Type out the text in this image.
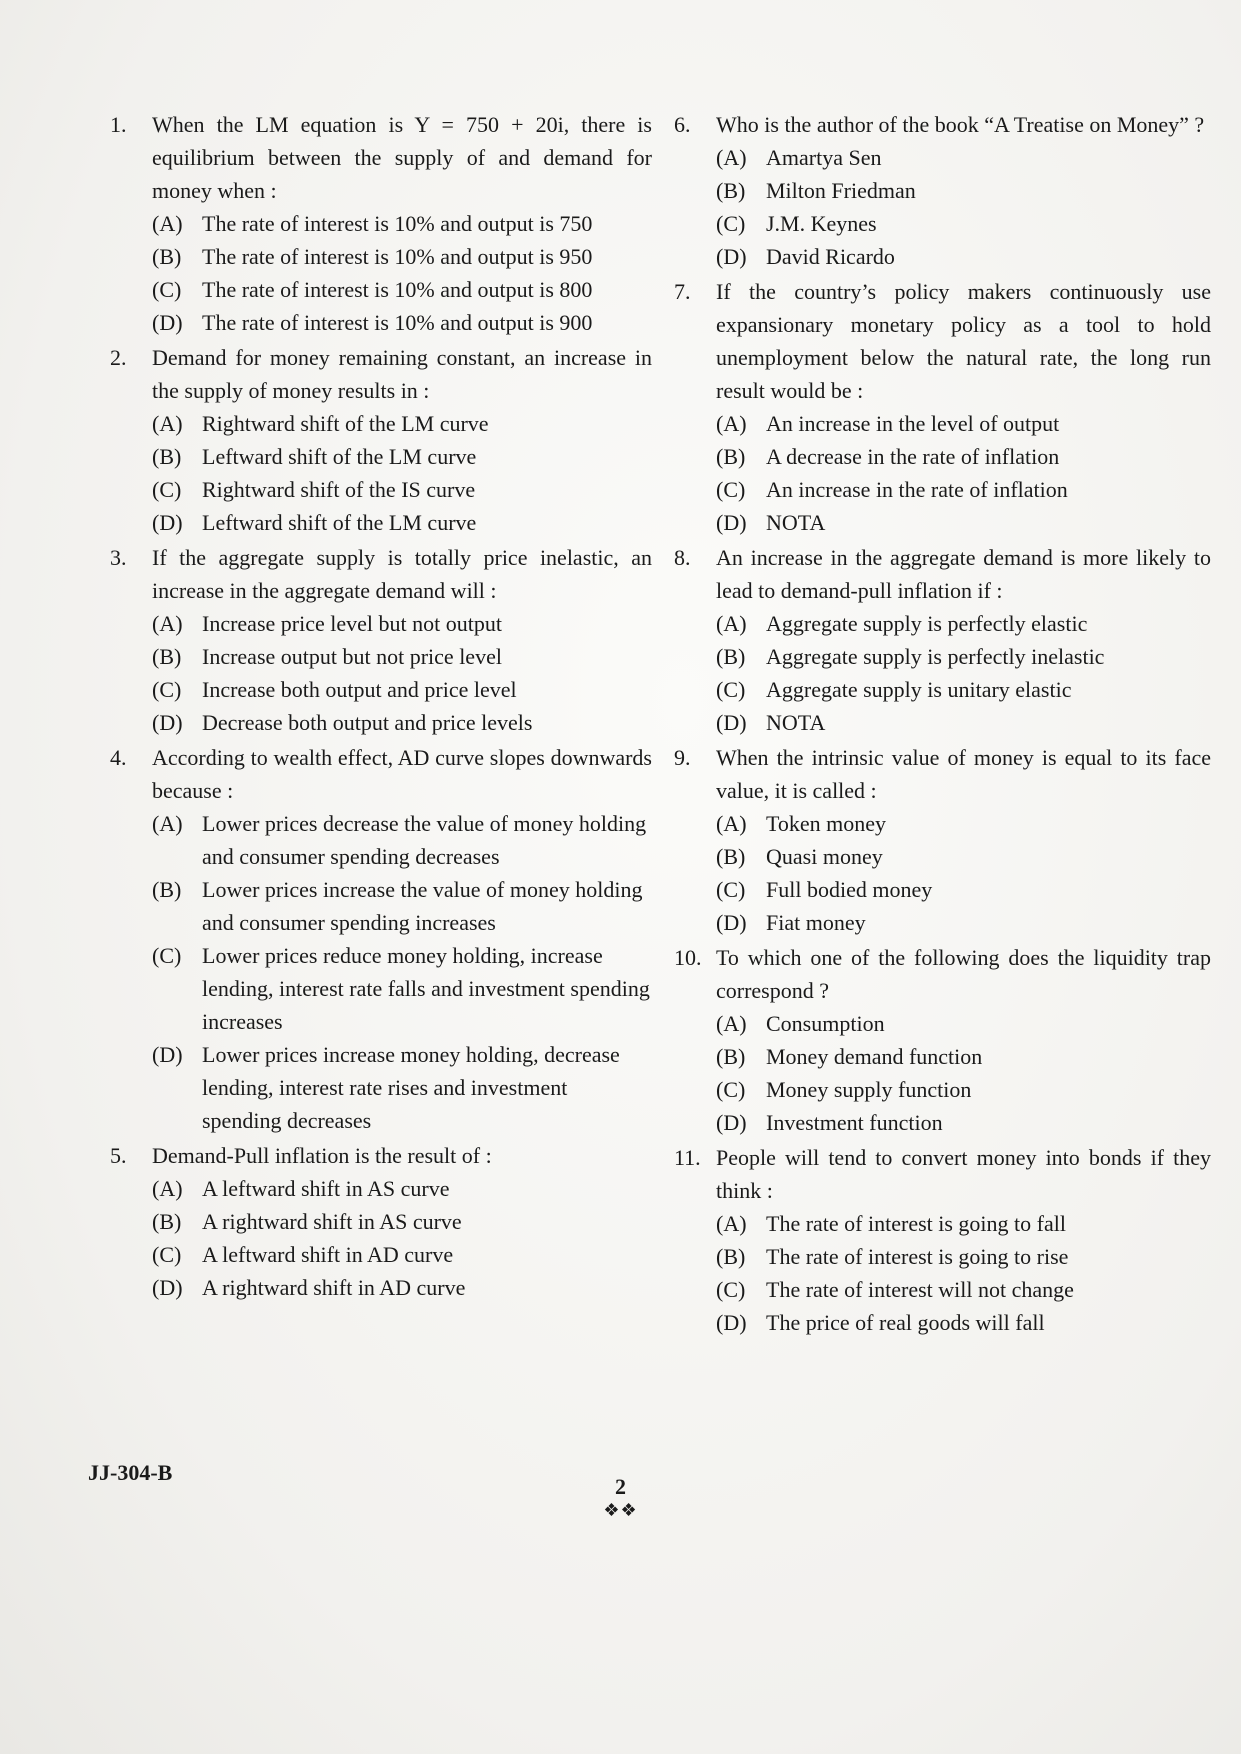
1.	When the LM equation is Y = 750 + 20i, there is equilibrium between the supply of and demand for money when :
(A) The rate of interest is 10% and output is 750
(B) The rate of interest is 10% and output is 950
(C) The rate of interest is 10% and output is 800
(D) The rate of interest is 10% and output is 900
2.	Demand for money remaining constant, an increase in the supply of money results in :
(A) Rightward shift of the LM curve
(B) Leftward shift of the LM curve
(C) Rightward shift of the IS curve
(D) Leftward shift of the LM curve
3.	If the aggregate supply is totally price inelastic, an increase in the aggregate demand will :
(A) Increase price level but not output
(B) Increase output but not price level
(C) Increase both output and price level
(D) Decrease both output and price levels
4.	According to wealth effect, AD curve slopes downwards because :
(A) Lower prices decrease the value of money holding and consumer spending decreases
(B) Lower prices increase the value of money holding and consumer spending increases
(C) Lower prices reduce money holding, increase lending, interest rate falls and investment spending increases
(D) Lower prices increase money holding, decrease lending, interest rate rises and investment spending decreases
5.	Demand-Pull inflation is the result of :
(A) A leftward shift in AS curve
(B) A rightward shift in AS curve
(C) A leftward shift in AD curve
(D) A rightward shift in AD curve
6.	Who is the author of the book “A Treatise on Money” ?
(A) Amartya Sen
(B) Milton Friedman
(C) J.M. Keynes
(D) David Ricardo
7.	If the country’s policy makers continuously use expansionary monetary policy as a tool to hold unemployment below the natural rate, the long run result would be :
(A) An increase in the level of output
(B) A decrease in the rate of inflation
(C) An increase in the rate of inflation
(D) NOTA
8.	An increase in the aggregate demand is more likely to lead to demand-pull inflation if :
(A) Aggregate supply is perfectly elastic
(B) Aggregate supply is perfectly inelastic
(C) Aggregate supply is unitary elastic
(D) NOTA
9.	When the intrinsic value of money is equal to its face value, it is called :
(A) Token money
(B) Quasi money
(C) Full bodied money
(D) Fiat money
10. To which one of the following does the liquidity trap correspond ?
(A) Consumption
(B) Money demand function
(C) Money supply function
(D) Investment function
11. People will tend to convert money into bonds if they think :
(A) The rate of interest is going to fall
(B) The rate of interest is going to rise
(C) The rate of interest will not change
(D) The price of real goods will fall
JJ-304-B
2
❖❖
